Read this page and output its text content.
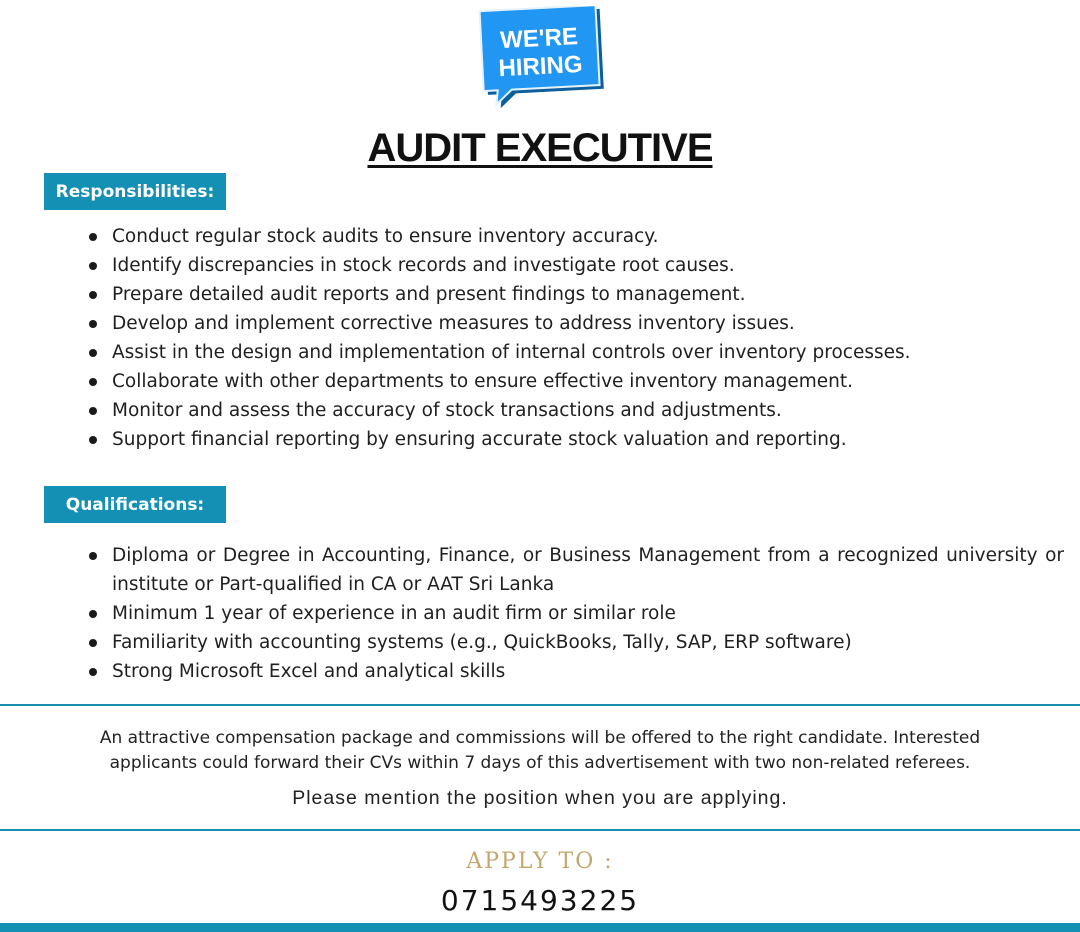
WE'RE
HIRING
AUDIT EXECUTIVE
Responsibilities:
Conduct regular stock audits to ensure inventory accuracy.
Identify discrepancies in stock records and investigate root causes.
Prepare detailed audit reports and present findings to management.
Develop and implement corrective measures to address inventory issues.
Assist in the design and implementation of internal controls over inventory processes.
Collaborate with other departments to ensure effective inventory management.
Monitor and assess the accuracy of stock transactions and adjustments.
Support financial reporting by ensuring accurate stock valuation and reporting.
Qualifications:
Diploma or Degree in Accounting, Finance, or Business Management from a recognized university or institute or Part-qualified in CA or AAT Sri Lanka
Minimum 1 year of experience in an audit firm or similar role
Familiarity with accounting systems (e.g., QuickBooks, Tally, SAP, ERP software)
Strong Microsoft Excel and analytical skills
An attractive compensation package and commissions will be offered to the right candidate. Interested applicants could forward their CVs within 7 days of this advertisement with two non-related referees.
Please mention the position when you are applying.
APPLY TO :
0715493225
